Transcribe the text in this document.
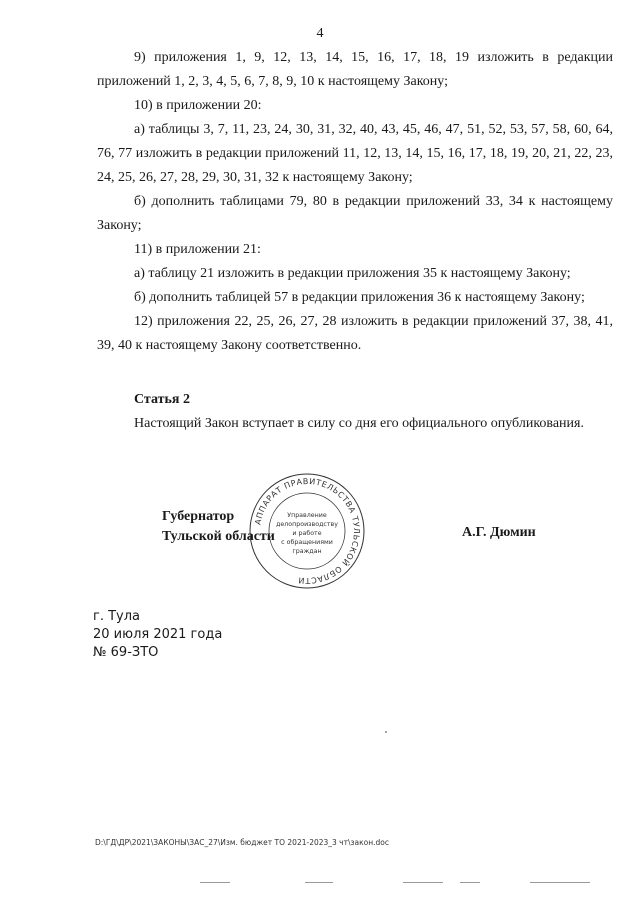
4

9) приложения 1, 9, 12, 13, 14, 15, 16, 17, 18, 19 изложить в редакции приложений 1, 2, 3, 4, 5, 6, 7, 8, 9, 10 к настоящему Закону;

10) в приложении 20:

а) таблицы 3, 7, 11, 23, 24, 30, 31, 32, 40, 43, 45, 46, 47, 51, 52, 53, 57, 58, 60, 64, 76, 77 изложить в редакции приложений 11, 12, 13, 14, 15, 16, 17, 18, 19, 20, 21, 22, 23, 24, 25, 26, 27, 28, 29, 30, 31, 32 к настоящему Закону;

б) дополнить таблицами 79, 80 в редакции приложений 33, 34 к настоящему Закону;

11) в приложении 21:

а) таблицу 21 изложить в редакции приложения 35 к настоящему Закону;

б) дополнить таблицей 57 в редакции приложения 36 к настоящему Закону;

12) приложения 22, 25, 26, 27, 28 изложить в редакции приложений 37, 38, 41, 39, 40 к настоящему Закону соответственно.

Статья 2

Настоящий Закон вступает в силу со дня его официального опубликования.

АППАРАТ ПРАВИТЕЛЬСТВА ТУЛЬСКОЙ ОБЛАСТИ
Управление
делопроизводству
и работе
с обращениями
граждан
Губернатор
Тульской области	А.Г. Дюмин
г. Тула
20 июля 2021 года
№ 69-ЗТО
D:\ГД\ДР\2021\ЗАКОНЫ\ЗАС_27\Изм. бюджет ТО 2021-2023_3 чт\закон.doc
